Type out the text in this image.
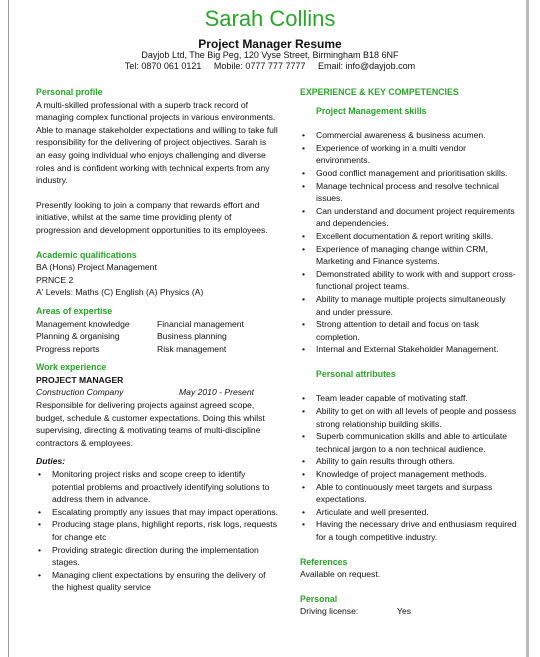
Sarah Collins
Project Manager Resume
Dayjob Ltd, The Big Peg, 120 Vyse Street, Birmingham B18 6NF
Tel: 0870 061 0121     Mobile: 0777 777 7777     Email: info@dayjob.com
Personal profile

A multi-skilled professional with a superb track record of managing complex functional projects in various environments. Able to manage stakeholder expectations and willing to take full responsibility for the delivering of project objectives. Sarah is an easy going individual who enjoys challenging and diverse roles and is confident working with technical experts from any industry.

Presently looking to join a company that rewards effort and initiative, whilst at the same time providing plenty of progression and development opportunities to its employees.

Academic qualifications
BA (Hons) Project Management
PRNCE 2
A' Levels: Maths (C) English (A) Physics (A)
Areas of expertise
Management knowledge	Financial management
Planning & organising	Business planning
Progress reports	Risk management
Work experience
PROJECT MANAGER
Construction Company	May 2010 - Present

Responsible for delivering projects against agreed scope, budget, schedule & customer expectations. Doing this whilst supervising, directing & motivating teams of multi-discipline contractors & employees.

Duties:
• Monitoring project risks and scope creep to identify potential problems and proactively identifying solutions to address them in advance.
• Escalating promptly any issues that may impact operations.
• Producing stage plans, highlight reports, risk logs, requests for change etc
• Providing strategic direction during the implementation stages.
• Managing client expectations by ensuring the delivery of the highest quality service
EXPERIENCE & KEY COMPETENCIES
Project Management skills
• Commercial awareness & business acumen.
• Experience of working in a multi vendor environments.
• Good conflict management and prioritisation skills.
• Manage technical process and resolve technical issues.
• Can understand and document project requirements and dependencies.
• Excellent documentation & report writing skills.
• Experience of managing change within CRM, Marketing and Finance systems.
• Demonstrated ability to work with and support cross-functional project teams.
• Ability to manage multiple projects simultaneously and under pressure.
• Strong attention to detail and focus on task completion.
• Internal and External Stakeholder Management.
Personal attributes
• Team leader capable of motivating staff.
• Ability to get on with all levels of people and possess strong relationship building skills.
• Superb communication skills and able to articulate technical jargon to a non technical audience.
• Ability to gain results through others.
• Knowledge of project management methods.
• Able to continuously meet targets and surpass expectations.
• Articulate and well presented.
• Having the necessary drive and enthusiasm required for a tough competitive industry.
References
Available on request.
Personal
Driving license:	Yes
